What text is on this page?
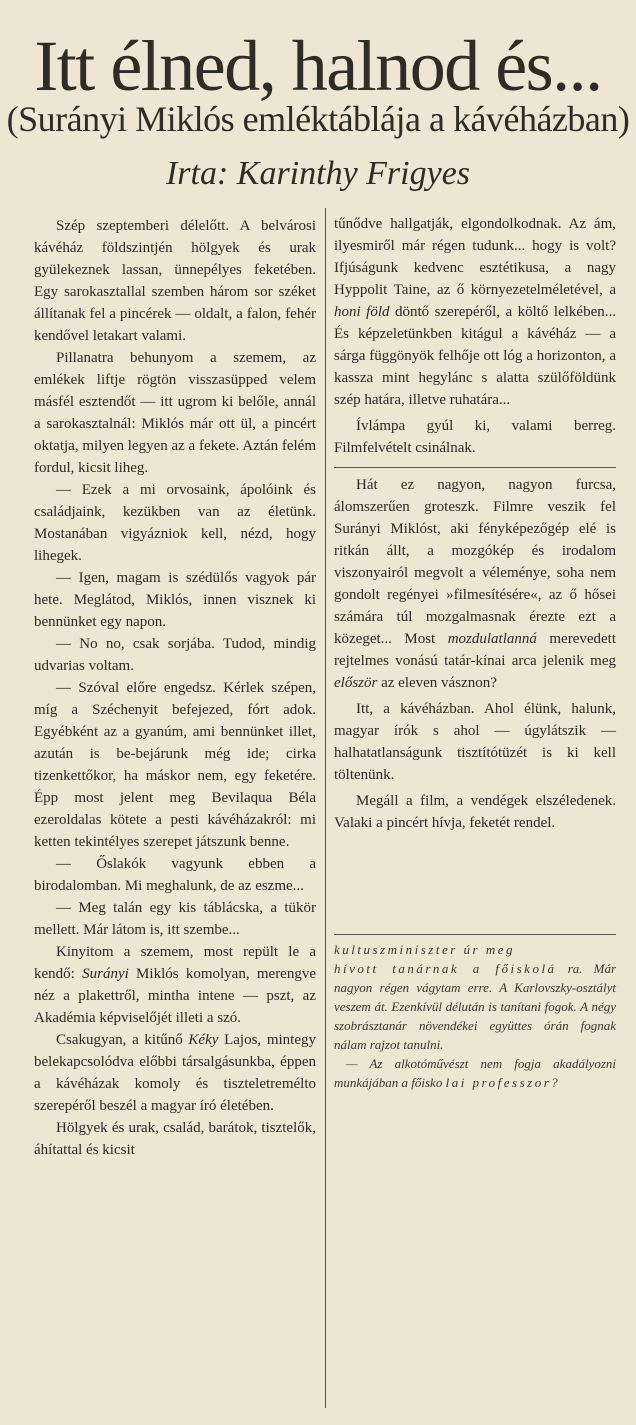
Itt élned, halnod és...
(Surányi Miklós emléktáblája a kávéházban)
Irta: Karinthy Frigyes

Szép szeptemberi délelőtt. A belvárosi kávéház földszintjén hölgyek és urak gyülekeznek lassan, ünnepélyes feketében. Egy sarokasztallal szemben három sor széket állítanak fel a pincérek — oldalt, a falon, fehér kendővel letakart valami.

Pillanatra behunyom a szemem, az emlékek liftje rögtön visszasüpped velem másfél esztendőt — itt ugrom ki belőle, annál a sarokasztalnál: Miklós már ott ül, a pincért oktatja, milyen legyen az a fekete. Aztán felém fordul, kicsit liheg.

— Ezek a mi orvosaink, ápolóink és családjaink, kezükben van az életünk. Mostanában vigyázniok kell, nézd, hogy lihegek.

— Igen, magam is szédülős vagyok pár hete. Meglátod, Miklós, innen visznek ki bennünket egy napon.

— No no, csak sorjába. Tudod, mindig udvarias voltam.

— Szóval előre engedsz. Kérlek szépen, míg a Széchenyit befejezed, fórt adok. Egyébként az a gyanúm, ami bennünket illet, azután is be-bejárunk még ide; cirka tizenkettőkor, ha máskor nem, egy feketére. Épp most jelent meg Bevilaqua Béla ezeroldalas kötete a pesti kávéházakról: mi ketten tekintélyes szerepet játszunk benne.

— Őslakók vagyunk ebben a birodalomban. Mi meghalunk, de az eszme...

— Meg talán egy kis táblácska, a tükör mellett. Már látom is, itt szembe...

Kinyitom a szemem, most repült le a kendő: Surányi Miklós komolyan, merengve néz a plakettről, mintha intene — pszt, az Akadémia képviselőjét illeti a szó.

Csakugyan, a kitűnő Kéky Lajos, mintegy belekapcsolódva előbbi társalgásunkba, éppen a kávéházak komoly és tiszteletremélto szerepéről beszél a magyar író életében.

Hölgyek és urak, család, barátok, tisztelők, áhítattal és kicsit

tűnődve hallgatják, elgondolkodnak. Az ám, ilyesmiről már régen tudunk... hogy is volt? Ifjúságunk kedvenc esztétikusa, a nagy Hyppolit Taine, az ő környezetelméletével, a honi föld döntő szerepéről, a költő lelkében... És képzeletünkben kitágul a kávéház — a sárga függönyök felhője ott lóg a horizonton, a kassza mint hegylánc s alatta szülőföldünk szép határa, illetve ruhatára...

Ívlámpa gyúl ki, valami berreg. Filmfelvételt csinálnak.

Hát ez nagyon, nagyon furcsa, álomszerűen groteszk. Filmre veszik fel Surányi Miklóst, aki fényképezőgép elé is ritkán állt, a mozgókép és irodalom viszonyairól megvolt a véleménye, soha nem gondolt regényei »filmesítésére«, az ő hősei számára túl mozgalmasnak érezte ezt a közeget... Most mozdulatlanná merevedett rejtelmes vonású tatár-kínai arca jelenik meg először az eleven vásznon?

Itt, a kávéházban. Ahol élünk, halunk, magyar írók s ahol — úgylátszik — halhatatlanságunk tisztítótüzét is ki kell töltenünk.

Megáll a film, a vendégek elszéledenek. Valaki a pincért hívja, feketét rendel.

kultuszminiszter úr meg
hívott tanárnak a főiskolá ra. Már nagyon régen vágytam erre. A Karlovszky-osztályt veszem át. Ezenkívül délután is tanítani fogok. A négy szobrásztanár növendékei együttes órán fognak nálam rajzot tanulni.

— Az alkotóművészt nem fogja akadályozni munkájában a főisko lai professzor?
